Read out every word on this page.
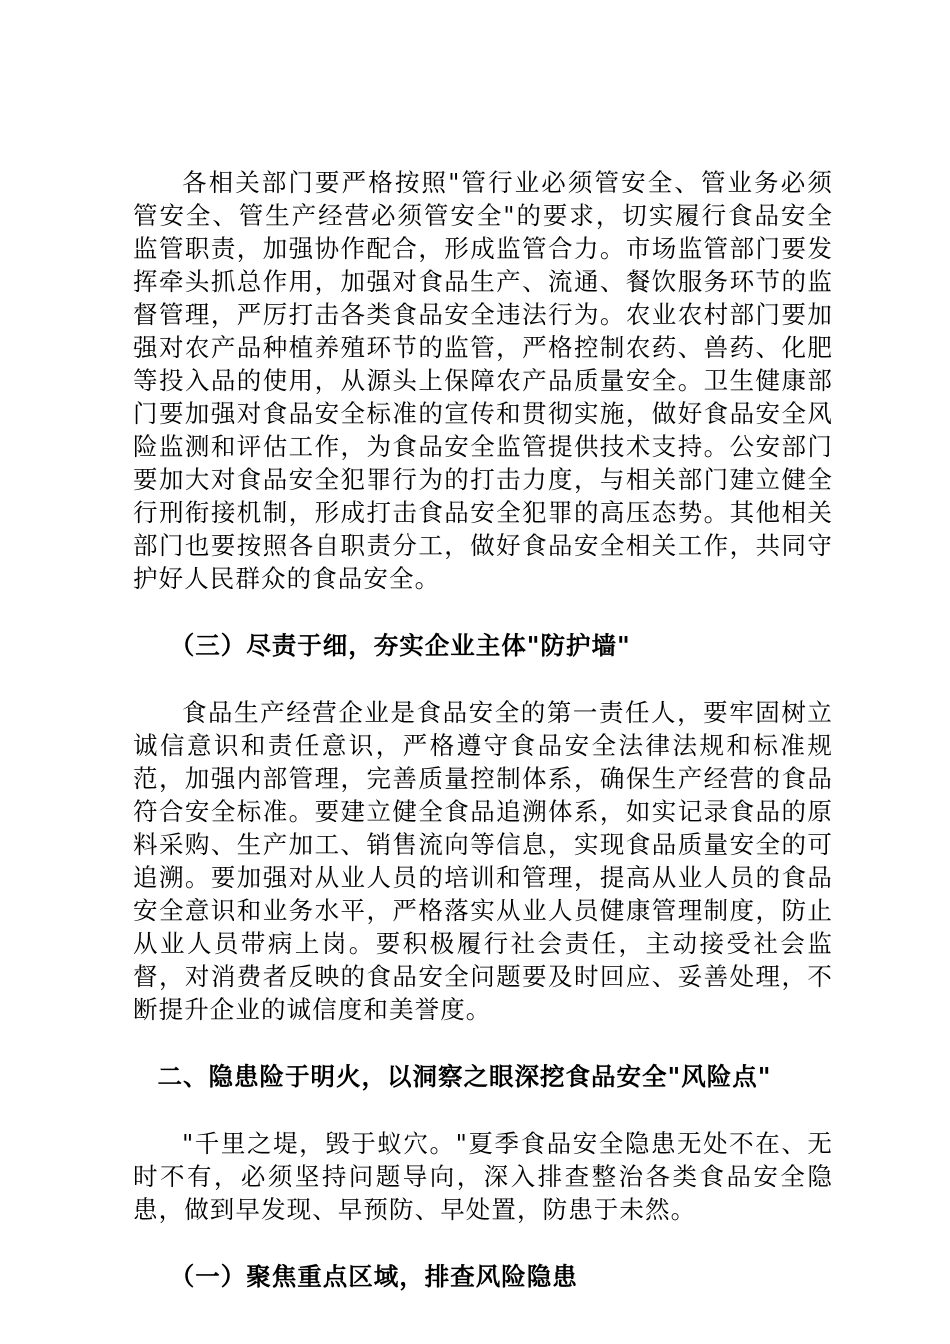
各相关部门要严格按照"管行业必须管安全、管业务必须管安全、管生产经营必须管安全"的要求，切实履行食品安全监管职责，加强协作配合，形成监管合力。市场监管部门要发挥牵头抓总作用，加强对食品生产、流通、餐饮服务环节的监督管理，严厉打击各类食品安全违法行为。农业农村部门要加强对农产品种植养殖环节的监管，严格控制农药、兽药、化肥等投入品的使用，从源头上保障农产品质量安全。卫生健康部门要加强对食品安全标准的宣传和贯彻实施，做好食品安全风险监测和评估工作，为食品安全监管提供技术支持。公安部门要加大对食品安全犯罪行为的打击力度，与相关部门建立健全行刑衔接机制，形成打击食品安全犯罪的高压态势。其他相关部门也要按照各自职责分工，做好食品安全相关工作，共同守护好人民群众的食品安全。

（三）尽责于细，夯实企业主体"防护墙"

食品生产经营企业是食品安全的第一责任人，要牢固树立诚信意识和责任意识，严格遵守食品安全法律法规和标准规范，加强内部管理，完善质量控制体系，确保生产经营的食品符合安全标准。要建立健全食品追溯体系，如实记录食品的原料采购、生产加工、销售流向等信息，实现食品质量安全的可追溯。要加强对从业人员的培训和管理，提高从业人员的食品安全意识和业务水平，严格落实从业人员健康管理制度，防止从业人员带病上岗。要积极履行社会责任，主动接受社会监督，对消费者反映的食品安全问题要及时回应、妥善处理，不断提升企业的诚信度和美誉度。

二、隐患险于明火，以洞察之眼深挖食品安全"风险点"

"千里之堤，毁于蚁穴。"夏季食品安全隐患无处不在、无时不有，必须坚持问题导向，深入排查整治各类食品安全隐患，做到早发现、早预防、早处置，防患于未然。

（一）聚焦重点区域，排查风险隐患
